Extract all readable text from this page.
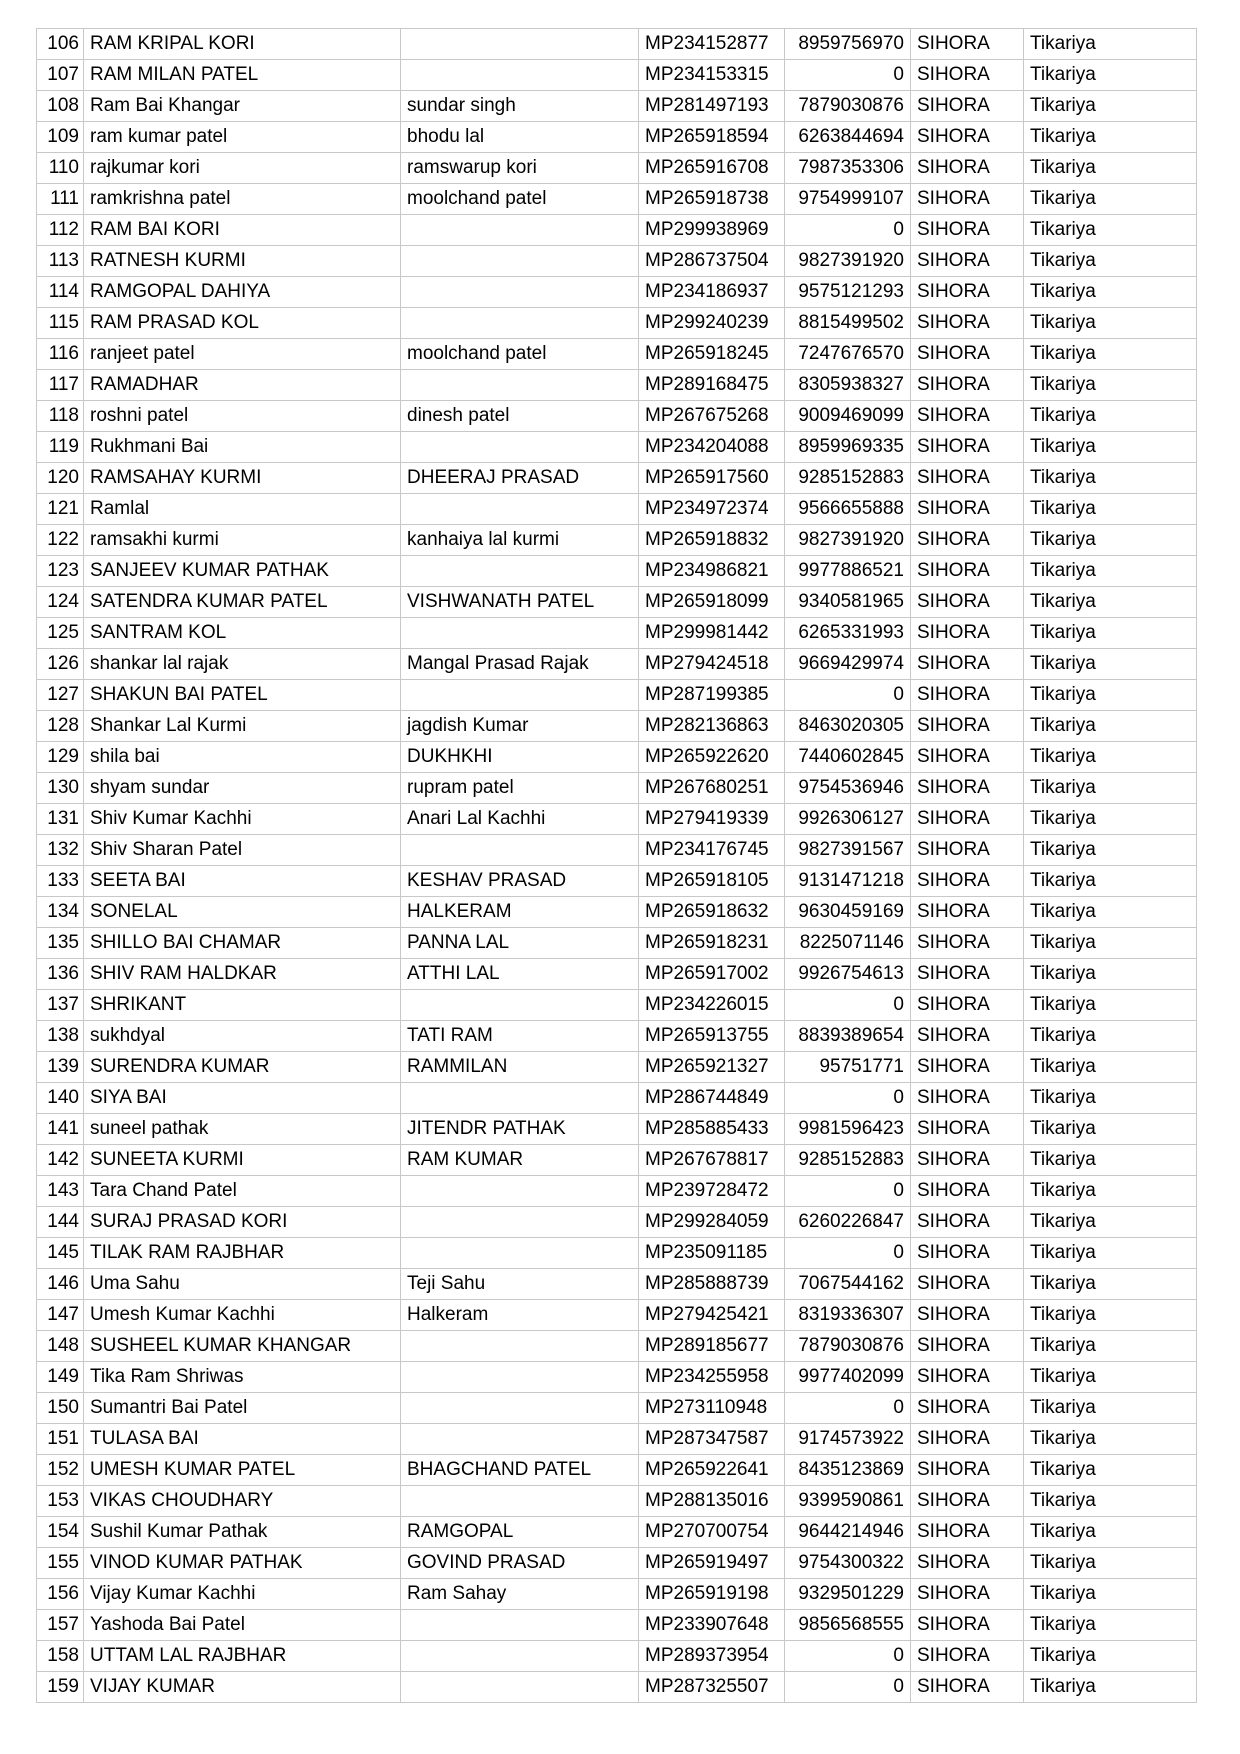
106	RAM KRIPAL KORI		MP234152877	8959756970	SIHORA	Tikariya
107	RAM MILAN PATEL		MP234153315	0	SIHORA	Tikariya
108	Ram Bai Khangar	sundar singh	MP281497193	7879030876	SIHORA	Tikariya
109	ram kumar patel	bhodu lal	MP265918594	6263844694	SIHORA	Tikariya
110	rajkumar kori	ramswarup kori	MP265916708	7987353306	SIHORA	Tikariya
111	ramkrishna patel	moolchand patel	MP265918738	9754999107	SIHORA	Tikariya
112	RAM BAI KORI		MP299938969	0	SIHORA	Tikariya
113	RATNESH KURMI		MP286737504	9827391920	SIHORA	Tikariya
114	RAMGOPAL DAHIYA		MP234186937	9575121293	SIHORA	Tikariya
115	RAM PRASAD KOL		MP299240239	8815499502	SIHORA	Tikariya
116	ranjeet patel	moolchand patel	MP265918245	7247676570	SIHORA	Tikariya
117	RAMADHAR		MP289168475	8305938327	SIHORA	Tikariya
118	roshni patel	dinesh patel	MP267675268	9009469099	SIHORA	Tikariya
119	Rukhmani Bai		MP234204088	8959969335	SIHORA	Tikariya
120	RAMSAHAY KURMI	DHEERAJ PRASAD	MP265917560	9285152883	SIHORA	Tikariya
121	Ramlal		MP234972374	9566655888	SIHORA	Tikariya
122	ramsakhi kurmi	kanhaiya lal kurmi	MP265918832	9827391920	SIHORA	Tikariya
123	SANJEEV KUMAR PATHAK		MP234986821	9977886521	SIHORA	Tikariya
124	SATENDRA KUMAR PATEL	VISHWANATH PATEL	MP265918099	9340581965	SIHORA	Tikariya
125	SANTRAM KOL		MP299981442	6265331993	SIHORA	Tikariya
126	shankar lal rajak	Mangal Prasad Rajak	MP279424518	9669429974	SIHORA	Tikariya
127	SHAKUN BAI PATEL		MP287199385	0	SIHORA	Tikariya
128	Shankar Lal Kurmi	jagdish Kumar	MP282136863	8463020305	SIHORA	Tikariya
129	shila bai	DUKHKHI	MP265922620	7440602845	SIHORA	Tikariya
130	shyam sundar	rupram patel	MP267680251	9754536946	SIHORA	Tikariya
131	Shiv Kumar Kachhi	Anari Lal Kachhi	MP279419339	9926306127	SIHORA	Tikariya
132	Shiv Sharan Patel		MP234176745	9827391567	SIHORA	Tikariya
133	SEETA BAI	KESHAV PRASAD	MP265918105	9131471218	SIHORA	Tikariya
134	SONELAL	HALKERAM	MP265918632	9630459169	SIHORA	Tikariya
135	SHILLO BAI CHAMAR	PANNA LAL	MP265918231	8225071146	SIHORA	Tikariya
136	SHIV RAM HALDKAR	ATTHI LAL	MP265917002	9926754613	SIHORA	Tikariya
137	SHRIKANT		MP234226015	0	SIHORA	Tikariya
138	sukhdyal	TATI RAM	MP265913755	8839389654	SIHORA	Tikariya
139	SURENDRA KUMAR	RAMMILAN	MP265921327	95751771	SIHORA	Tikariya
140	SIYA BAI		MP286744849	0	SIHORA	Tikariya
141	suneel pathak	JITENDR PATHAK	MP285885433	9981596423	SIHORA	Tikariya
142	SUNEETA KURMI	RAM KUMAR	MP267678817	9285152883	SIHORA	Tikariya
143	Tara Chand Patel		MP239728472	0	SIHORA	Tikariya
144	SURAJ PRASAD KORI		MP299284059	6260226847	SIHORA	Tikariya
145	TILAK RAM RAJBHAR		MP235091185	0	SIHORA	Tikariya
146	Uma Sahu	Teji Sahu	MP285888739	7067544162	SIHORA	Tikariya
147	Umesh Kumar Kachhi	Halkeram	MP279425421	8319336307	SIHORA	Tikariya
148	SUSHEEL KUMAR KHANGAR		MP289185677	7879030876	SIHORA	Tikariya
149	Tika Ram Shriwas		MP234255958	9977402099	SIHORA	Tikariya
150	Sumantri Bai Patel		MP273110948	0	SIHORA	Tikariya
151	TULASA BAI		MP287347587	9174573922	SIHORA	Tikariya
152	UMESH KUMAR PATEL	BHAGCHAND PATEL	MP265922641	8435123869	SIHORA	Tikariya
153	VIKAS CHOUDHARY		MP288135016	9399590861	SIHORA	Tikariya
154	Sushil Kumar Pathak	RAMGOPAL	MP270700754	9644214946	SIHORA	Tikariya
155	VINOD KUMAR PATHAK	GOVIND PRASAD	MP265919497	9754300322	SIHORA	Tikariya
156	Vijay Kumar Kachhi	Ram Sahay	MP265919198	9329501229	SIHORA	Tikariya
157	Yashoda Bai Patel		MP233907648	9856568555	SIHORA	Tikariya
158	UTTAM LAL RAJBHAR		MP289373954	0	SIHORA	Tikariya
159	VIJAY KUMAR		MP287325507	0	SIHORA	Tikariya
